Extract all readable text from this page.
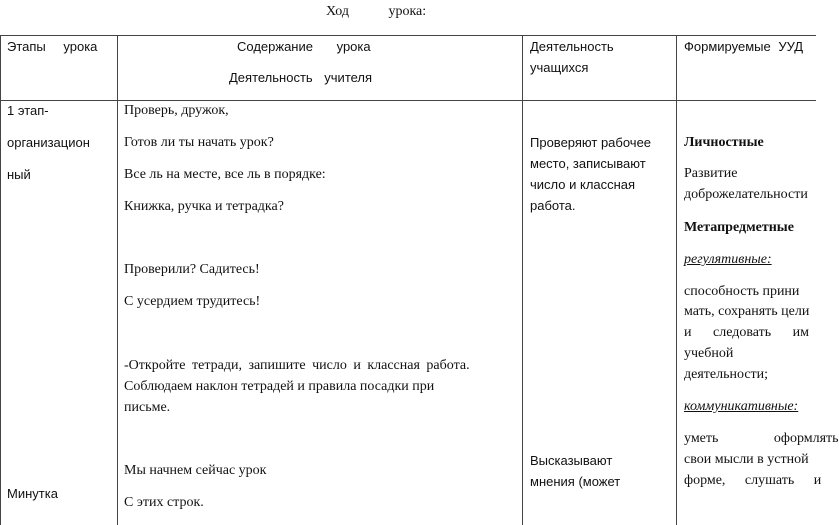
Ход урока:
Этапы урока	Содержание урока
Деятельность учителя
Деятельность
учащихся
Формируемые УУД
1 этап-
организацион
ный
Минутка
Проверь, дружок,
Готов ли ты начать урок?
Все ль на месте, все ль в порядке:
Книжка, ручка и тетрадка?
Проверили? Садитесь!
С усердием трудитесь!
-Откройте тетради, запишите число и классная работа.
Соблюдаем наклон тетрадей и правила посадки при
письме.
Мы начнем сейчас урок
С этих строк.
Проверяют рабочее
место, записывают
число и классная
работа.
Высказывают
мнения (может
Личностные
Развитие
доброжелательности
Метапредметные
регулятивные:
способность прини
мать, сохранять цели
и следовать им
учебной
деятельности;
коммуникативные:
уметь оформлять
свои мысли в устной
форме, слушать и
